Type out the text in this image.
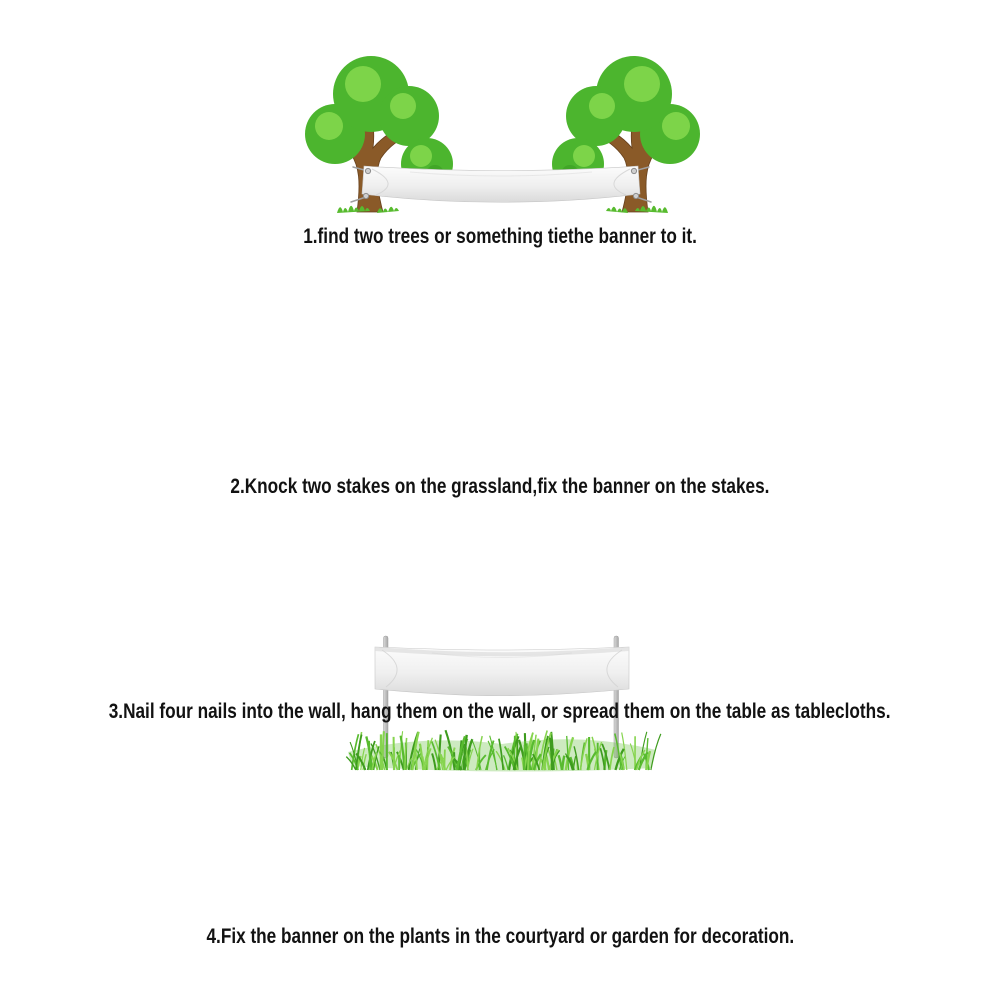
1.find two trees or something tiethe banner to it.
2.Knock two stakes on the grassland,fix the banner on the stakes.
3.Nail four nails into the wall, hang them on the wall, or spread them on the table as tablecloths.
4.Fix the banner on the plants in the courtyard or garden for decoration.
